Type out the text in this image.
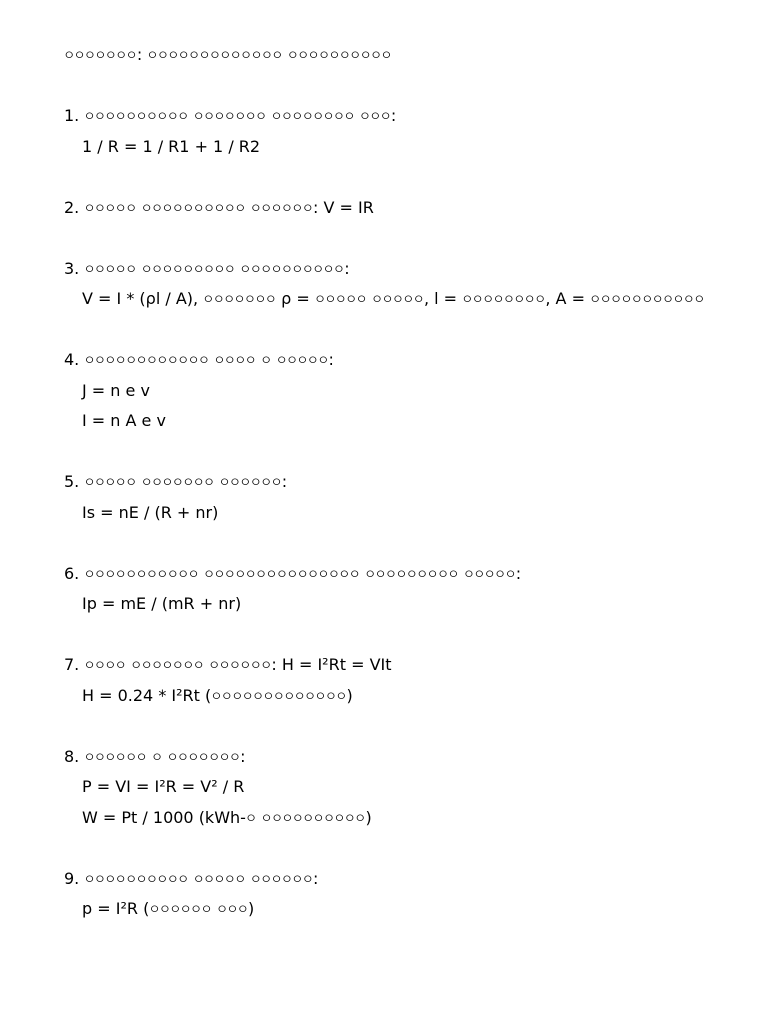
০০০০০০০: ০০০০০০০০০০০০০ ০০০০০০০০০০
1. ০০০০০০০০০০ ০০০০০০০ ০০০০০০০০ ০০০:
1 / R = 1 / R1 + 1 / R2
2. ০০০০০ ০০০০০০০০০০ ০০০০০০: V = IR
3. ০০০০০ ০০০০০০০০০ ০০০০০০০০০০:
V = I * (ρl / A), ০০০০০০০ ρ = ০০০০০ ০০০০০, l = ০০০০০০০০, A = ০০০০০০০০০০০
4. ০০০০০০০০০০০০ ০০০০ ০ ০০০০০:
J = n e v
I = n A e v
5. ০০০০০ ০০০০০০০ ০০০০০০:
Is = nE / (R + nr)
6. ০০০০০০০০০০০ ০০০০০০০০০০০০০০০ ০০০০০০০০০ ০০০০০:
Ip = mE / (mR + nr)
7. ০০০০ ০০০০০০০ ০০০০০০: H = I²Rt = VIt
H = 0.24 * I²Rt (০০০০০০০০০০০০০)
8. ০০০০০০ ০ ০০০০০০০:
P = VI = I²R = V² / R
W = Pt / 1000 (kWh-০ ০০০০০০০০০০)
9. ০০০০০০০০০০ ০০০০০ ০০০০০০:
p = I²R (০০০০০০ ০০০)
